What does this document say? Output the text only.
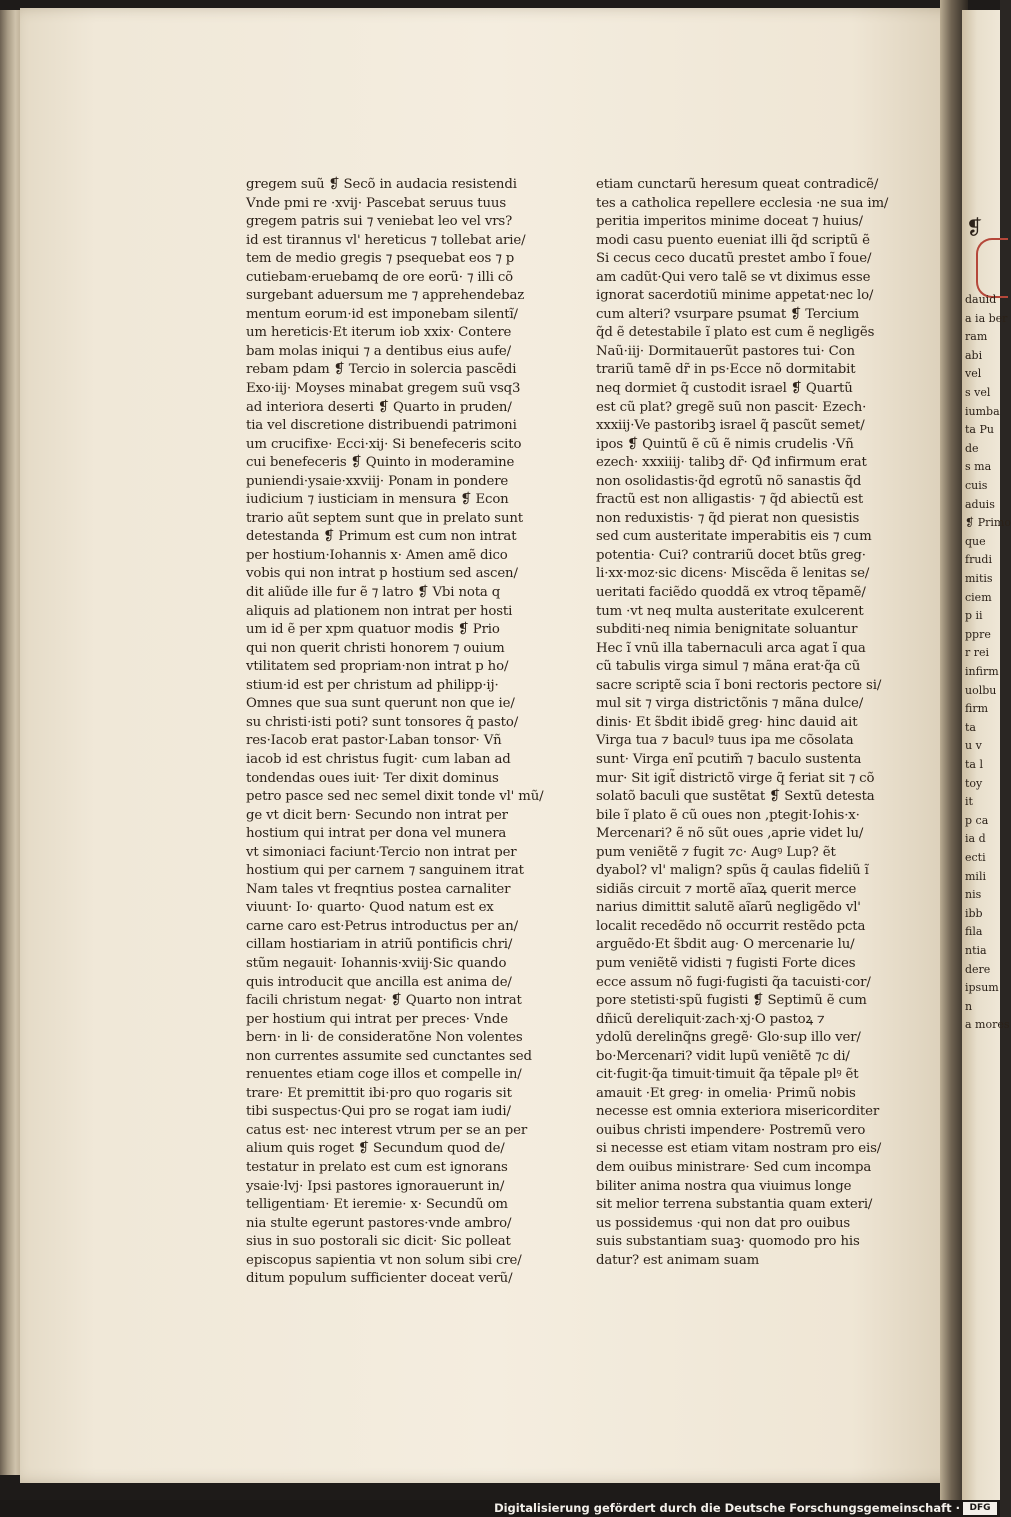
❡
dauid
a ia ber
ram
abi
vel
s vel
iumba
ta Pu
de
s ma
cuis
aduis
❡ Primo
que
frudi
mitis
ciem
p ii
ppre
r rei
infirm
uolbu
firm
ta
u v
ta l
toy
it
p ca
ia d
ecti
mili
nis
ibb
fila
ntia
dere
ipsum
n
a mores
gregem suũ ❡ Secõ in audacia resistendi
Vnde pmi re ·xvij· Pascebat seruus tuus
gregem patris sui ⁊ veniebat leo vel vrs?
id est tirannus vl' hereticus ⁊ tollebat arie/
tem de medio gregis ⁊ psequebat eos ⁊ p
cutiebam·eruebamq de ore eorũ· ⁊ illi cõ
surgebant aduersum me ⁊ apprehendebaz
mentum eorum·id est imponebam silentĩ/
um hereticis·Et iterum iob xxix· Contere
bam molas iniqui ⁊ a dentibus eius aufe/
rebam pdam ❡ Tercio in solercia pascẽdi
Exo·iij· Moyses minabat gregem suũ vsq3
ad interiora deserti ❡ Quarto in pruden/
tia vel discretione distribuendi patrimoni
um crucifixe· Ecci·xij· Si benefeceris scito
cui benefeceris ❡ Quinto in moderamine
puniendi·ysaie·xxviij· Ponam in pondere
iudicium ⁊ iusticiam in mensura ❡ Econ
trario aũt septem sunt que in prelato sunt
detestanda ❡ Primum est cum non intrat
per hostium·Iohannis x· Amen amẽ dico
vobis qui non intrat p hostium sed ascen/
dit aliũde ille fur ẽ ⁊ latro ❡ Vbi nota q
aliquis ad plationem non intrat per hosti
um id ẽ per xpm quatuor modis ❡ Prio
qui non querit christi honorem ⁊ ouium
vtilitatem sed propriam·non intrat p ho/
stium·id est per christum ad philipp·ij·
Omnes que sua sunt querunt non que ie/
su christi·isti poti? sunt tonsores q̃ pasto/
res·Iacob erat pastor·Laban tonsor· Vñ
iacob id est christus fugit· cum laban ad
tondendas oues iuit· Ter dixit dominus
petro pasce sed nec semel dixit tonde vl' mũ/
ge vt dicit bern· Secundo non intrat per
hostium qui intrat per dona vel munera
vt simoniaci faciunt·Tercio non intrat per
hostium qui per carnem ⁊ sanguinem itrat
Nam tales vt freqntius postea carnaliter
viuunt· Io· quarto· Quod natum est ex
carne caro est·Petrus introductus per an/
cillam hostiariam in atriũ pontificis chri/
stũm negauit· Iohannis·xviij·Sic quando
quis introducit que ancilla est anima de/
facili christum negat· ❡ Quarto non intrat
per hostium qui intrat per preces· Vnde
bern· in li· de consideratõne Non volentes
non currentes assumite sed cunctantes sed
renuentes etiam coge illos et compelle in/
trare· Et premittit ibi·pro quo rogaris sit
tibi suspectus·Qui pro se rogat iam iudi/
catus est· nec interest vtrum per se an per
alium quis roget ❡ Secundum quod de/
testatur in prelato est cum est ignorans
ysaie·lvj· Ipsi pastores ignorauerunt in/
telligentiam· Et ieremie· x· Secundũ om
nia stulte egerunt pastores·vnde ambro/
sius in suo postorali sic dicit· Sic polleat
episcopus sapientia vt non solum sibi cre/
ditum populum sufficienter doceat verũ/
etiam cunctarũ heresum queat contradicẽ/
tes a catholica repellere ecclesia ·ne sua im/
peritia imperitos minime doceat ⁊ huius/
modi casu puento eueniat illi q̃d scriptũ ẽ
Si cecus ceco ducatũ prestet ambo ĩ foue/
am cadũt·Qui vero talẽ se vt diximus esse
ignorat sacerdotiũ minime appetat·nec lo/
cum alteri? vsurpare psumat ❡ Tercium
q̃d ẽ detestabile ĩ plato est cum ẽ negligẽs
Naũ·iij· Dormitauerũt pastores tui· Con
trariũ tamẽ dr̃ in ps·Ecce nõ dormitabit
neq dormiet q̃ custodit israel ❡ Quartũ
est cũ plat? gregẽ suũ non pascit· Ezech·
xxxiij·Ve pastoribꝫ israel q̃ pascũt semet/
ipos ❡ Quintũ ẽ cũ ẽ nimis crudelis ·Vñ
ezech· xxxiiij· talibꝫ dr̃· Qđ infirmum erat
non osolidastis·q̃d egrotũ nõ sanastis q̃d
fractũ est non alligastis· ⁊ q̃d abiectũ est
non reduxistis· ⁊ q̃d pierat non quesistis
sed cum austeritate imperabitis eis ⁊ cum
potentia· Cui? contrariũ docet btũs greg·
li·xx·moz·sic dicens· Miscẽda ẽ lenitas se/
ueritati faciẽdo quoddã ex vtroq tẽpamẽ/
tum ·vt neq multa austeritate exulcerent
subditi·neq nimia benignitate soluantur
Hec ĩ vnũ illa tabernaculi arca agat ĩ qua
cũ tabulis virga simul ⁊ mãna erat·q̃a cũ
sacre scriptẽ scia ĩ boni rectoris pectore si/
mul sit ⁊ virga districtõnis ⁊ mãna dulce/
dinis· Et s̃bdit ibidẽ greg· hinc dauid ait
Virga tua ⁊ baculꝰ tuus ipa me cõsolata
sunt· Virga enĩ pcutim̃ ⁊ baculo sustenta
mur· Sit igit̃ districtõ virge q̃ feriat sit ⁊ cõ
solatõ baculi que sustẽtat ❡ Sextũ detesta
bile ĩ plato ẽ cũ oues non ,ptegit·Iohis·x·
Mercenari? ẽ nõ sũt oues ,aprie videt lu/
pum veniẽtẽ ⁊ fugit ⁊c· Augꝰ Lup? ẽt
dyabol? vl' malign? spũs q̃ caulas fideliũ ĩ
sidiãs circuit ⁊ mortẽ aĩaꝝ querit merce
narius dimittit salutẽ aĩarũ negligẽdo vl'
localit recedẽdo nõ occurrit restẽdo pcta
arguẽdo·Et s̃bdit aug· O mercenarie lu/
pum veniẽtẽ vidisti ⁊ fugisti Forte dices
ecce assum nõ fugi·fugisti q̃a tacuisti·cor/
pore stetisti·spũ fugisti ❡ Septimũ ẽ cum
dñicũ dereliquit·zach·xj·O pastoꝝ ⁊
ydolũ derelinq̃ns gregẽ· Glo·sup illo ver/
bo·Mercenari? vidit lupũ veniẽtẽ ⁊c di/
cit·fugit·q̃a timuit·timuit q̃a tẽpale plꝰ ẽt
amauit ·Et greg· in omelia· Primũ nobis
necesse est omnia exteriora misericorditer
ouibus christi impendere· Postremũ vero
si necesse est etiam vitam nostram pro eis/
dem ouibus ministrare· Sed cum incompa
biliter anima nostra qua viuimus longe
sit melior terrena substantia quam exteri/
us possidemus ·qui non dat pro ouibus
suis substantiam suaꝫ· quomodo pro his
datur? est animam suam
Digitalisierung gefördert durch die Deutsche Forschungsgemeinschaft ·	DFG
